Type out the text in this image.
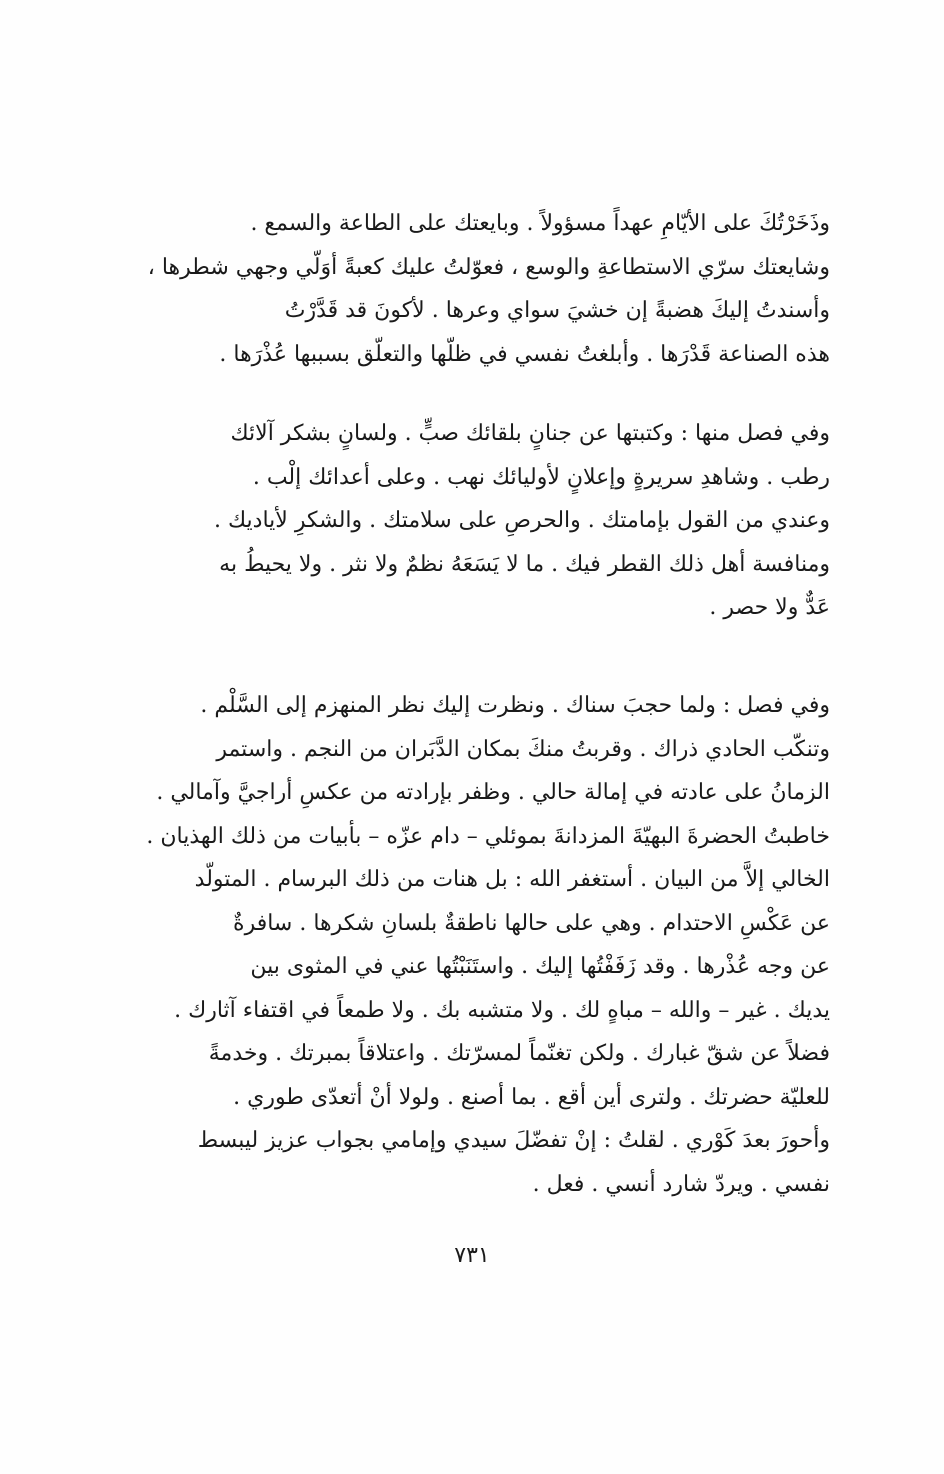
وذَخَرْتُكَ على الأيّامِ عهداً مسؤولاً . وبايعتك على الطاعة والسمع .
وشايعتك سرّي الاستطاعةِ والوسع ، فعوّلتُ عليك كعبةً أوَلّي وجهي شطرها ،
وأسندتُ إليكَ هضبةً إن خشيَ سواي وعرها . لأكونَ قد قَدَّرْتُ
هذه الصناعة قَدْرَها . وأبلغتُ نفسي في ظلّها والتعلّق بسببها عُذْرَها .

وفي فصل منها : وكتبتها عن جنانٍ بلقائك صبٍّ . ولسانٍ بشكر آلائك
رطب . وشاهدِ سريرةٍ وإعلانٍ لأوليائك نهب . وعلى أعدائك إلْب .
وعندي من القول بإمامتك . والحرصِ على سلامتك . والشكرِ لأياديك .
ومنافسة أهل ذلك القطر فيك . ما لا يَسَعَهُ نظمٌ ولا نثر . ولا يحيطُ به
عَدٌّ ولا حصر .

وفي فصل : ولما حجبَ سناك . ونظرت إليك نظر المنهزم إلى السَّلْم .
وتنكّب الحادي ذراك . وقربتُ منكَ بمكان الدَّبَران من النجم . واستمر
الزمانُ على عادته في إمالة حالي . وظفر بإرادته من عكسِ أراجيَّ وآمالي .
خاطبتُ الحضرةَ البهيّةَ المزدانةَ بموئلي – دام عزّه – بأبيات من ذلك الهذيان .
الخالي إلاَّ من البيان . أستغفر الله : بل هنات من ذلك البرسام . المتولّد
عن عَكْسِ الاحتدام . وهي على حالها ناطقةٌ بلسانِ شكرها . سافرةٌ
عن وجه عُذْرها . وقد زَفَفْتُها إليك . واستَنَبْتُها عني في المثوى بين
يديك . غير – والله – مباهٍ لك . ولا متشبه بك . ولا طمعاً في اقتفاء آثارك .
فضلاً عن شقّ غبارك . ولكن تغنّماً لمسرّتك . واعتلاقاً بمبرتك . وخدمةً
للعليّة حضرتك . ولترى أين أقع . بما أصنع . ولولا أنْ أتعدّى طوري .
وأحورَ بعدَ كَوْري . لقلتُ : إنْ تفضّلَ سيدي وإمامي بجواب عزيز ليبسط
نفسي . ويردّ شارد أنسي . فعل .

٧٣١
